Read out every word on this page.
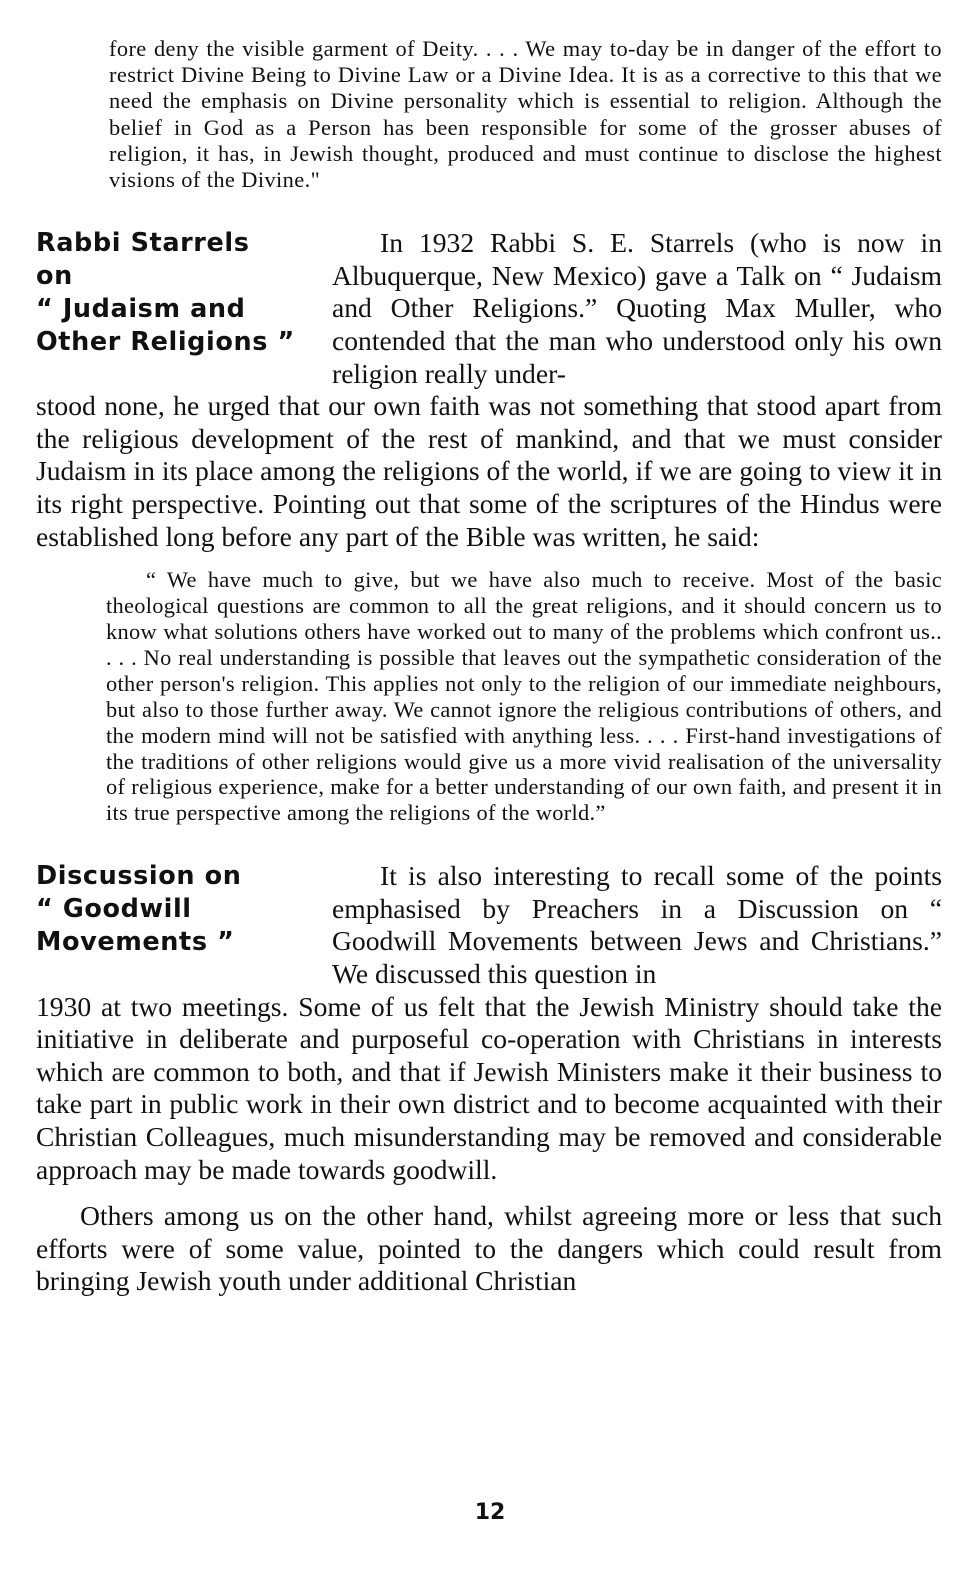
fore deny the visible garment of Deity. . . . We may to-day be in danger of the effort to restrict Divine Being to Divine Law or a Divine Idea. It is as a corrective to this that we need the emphasis on Divine personality which is essential to religion. Although the belief in God as a Person has been responsible for some of the grosser abuses of religion, it has, in Jewish thought, produced and must continue to disclose the highest visions of the Divine."

Rabbi Starrels
on
“ Judaism and
Other Religions ”
In 1932 Rabbi S. E. Starrels (who is now in Albuquerque, New Mexico) gave a Talk on “ Judaism and Other Religions.” Quoting Max Muller, who contended that the man who understood only his own religion really under-
stood none, he urged that our own faith was not something that stood apart from the religious development of the rest of mankind, and that we must consider Judaism in its place among the religions of the world, if we are going to view it in its right perspective. Pointing out that some of the scriptures of the Hindus were established long before any part of the Bible was written, he said:
“ We have much to give, but we have also much to receive. Most of the basic theological questions are common to all the great religions, and it should concern us to know what solutions others have worked out to many of the problems which confront us.. . . . No real understanding is possible that leaves out the sympathetic consideration of the other person's religion. This applies not only to the religion of our immediate neighbours, but also to those further away. We cannot ignore the religious contributions of others, and the modern mind will not be satisfied with anything less. . . . First-hand investigations of the traditions of other religions would give us a more vivid realisation of the universality of religious experience, make for a better understanding of our own faith, and present it in its true perspective among the religions of the world.”
Discussion on
“ Goodwill
Movements ”
It is also interesting to recall some of the points emphasised by Preachers in a Discussion on “ Goodwill Movements between Jews and Christians.” We discussed this question in
1930 at two meetings. Some of us felt that the Jewish Ministry should take the initiative in deliberate and purposeful co-operation with Christians in interests which are common to both, and that if Jewish Ministers make it their business to take part in public work in their own district and to become acquainted with their Christian Colleagues, much misunderstanding may be removed and considerable approach may be made towards goodwill.
Others among us on the other hand, whilst agreeing more or less that such efforts were of some value, pointed to the dangers which could result from bringing Jewish youth under additional Christian
12
